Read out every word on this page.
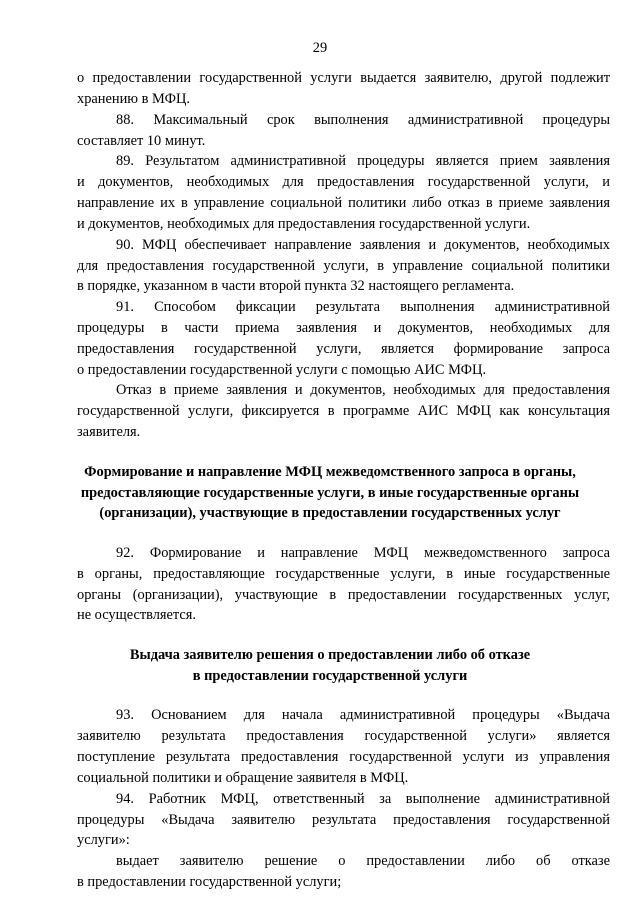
29
о предоставлении государственной услуги выдается заявителю, другой подлежит
хранению в МФЦ.
88. Максимальный срок выполнения административной процедуры
составляет 10 минут.
89. Результатом административной процедуры является прием заявления
и документов, необходимых для предоставления государственной услуги, и
направление их в управление социальной политики либо отказ в приеме заявления
и документов, необходимых для предоставления государственной услуги.
90. МФЦ обеспечивает направление заявления и документов, необходимых
для предоставления государственной услуги, в управление социальной политики
в порядке, указанном в части второй пункта 32 настоящего регламента.
91. Способом фиксации результата выполнения административной
процедуры в части приема заявления и документов, необходимых для
предоставления государственной услуги, является формирование запроса
о предоставлении государственной услуги с помощью АИС МФЦ.
Отказ в приеме заявления и документов, необходимых для предоставления
государственной услуги, фиксируется в программе АИС МФЦ как консультация
заявителя.
Формирование и направление МФЦ межведомственного запроса в органы,
предоставляющие государственные услуги, в иные государственные органы
(организации), участвующие в предоставлении государственных услуг
92. Формирование и направление МФЦ межведомственного запроса
в органы, предоставляющие государственные услуги, в иные государственные
органы (организации), участвующие в предоставлении государственных услуг,
не осуществляется.
Выдача заявителю решения о предоставлении либо об отказе
в предоставлении государственной услуги
93. Основанием для начала административной процедуры «Выдача
заявителю результата предоставления государственной услуги» является
поступление результата предоставления государственной услуги из управления
социальной политики и обращение заявителя в МФЦ.
94. Работник МФЦ, ответственный за выполнение административной
процедуры «Выдача заявителю результата предоставления государственной
услуги»:
выдает заявителю решение о предоставлении либо об отказе
в предоставлении государственной услуги;
